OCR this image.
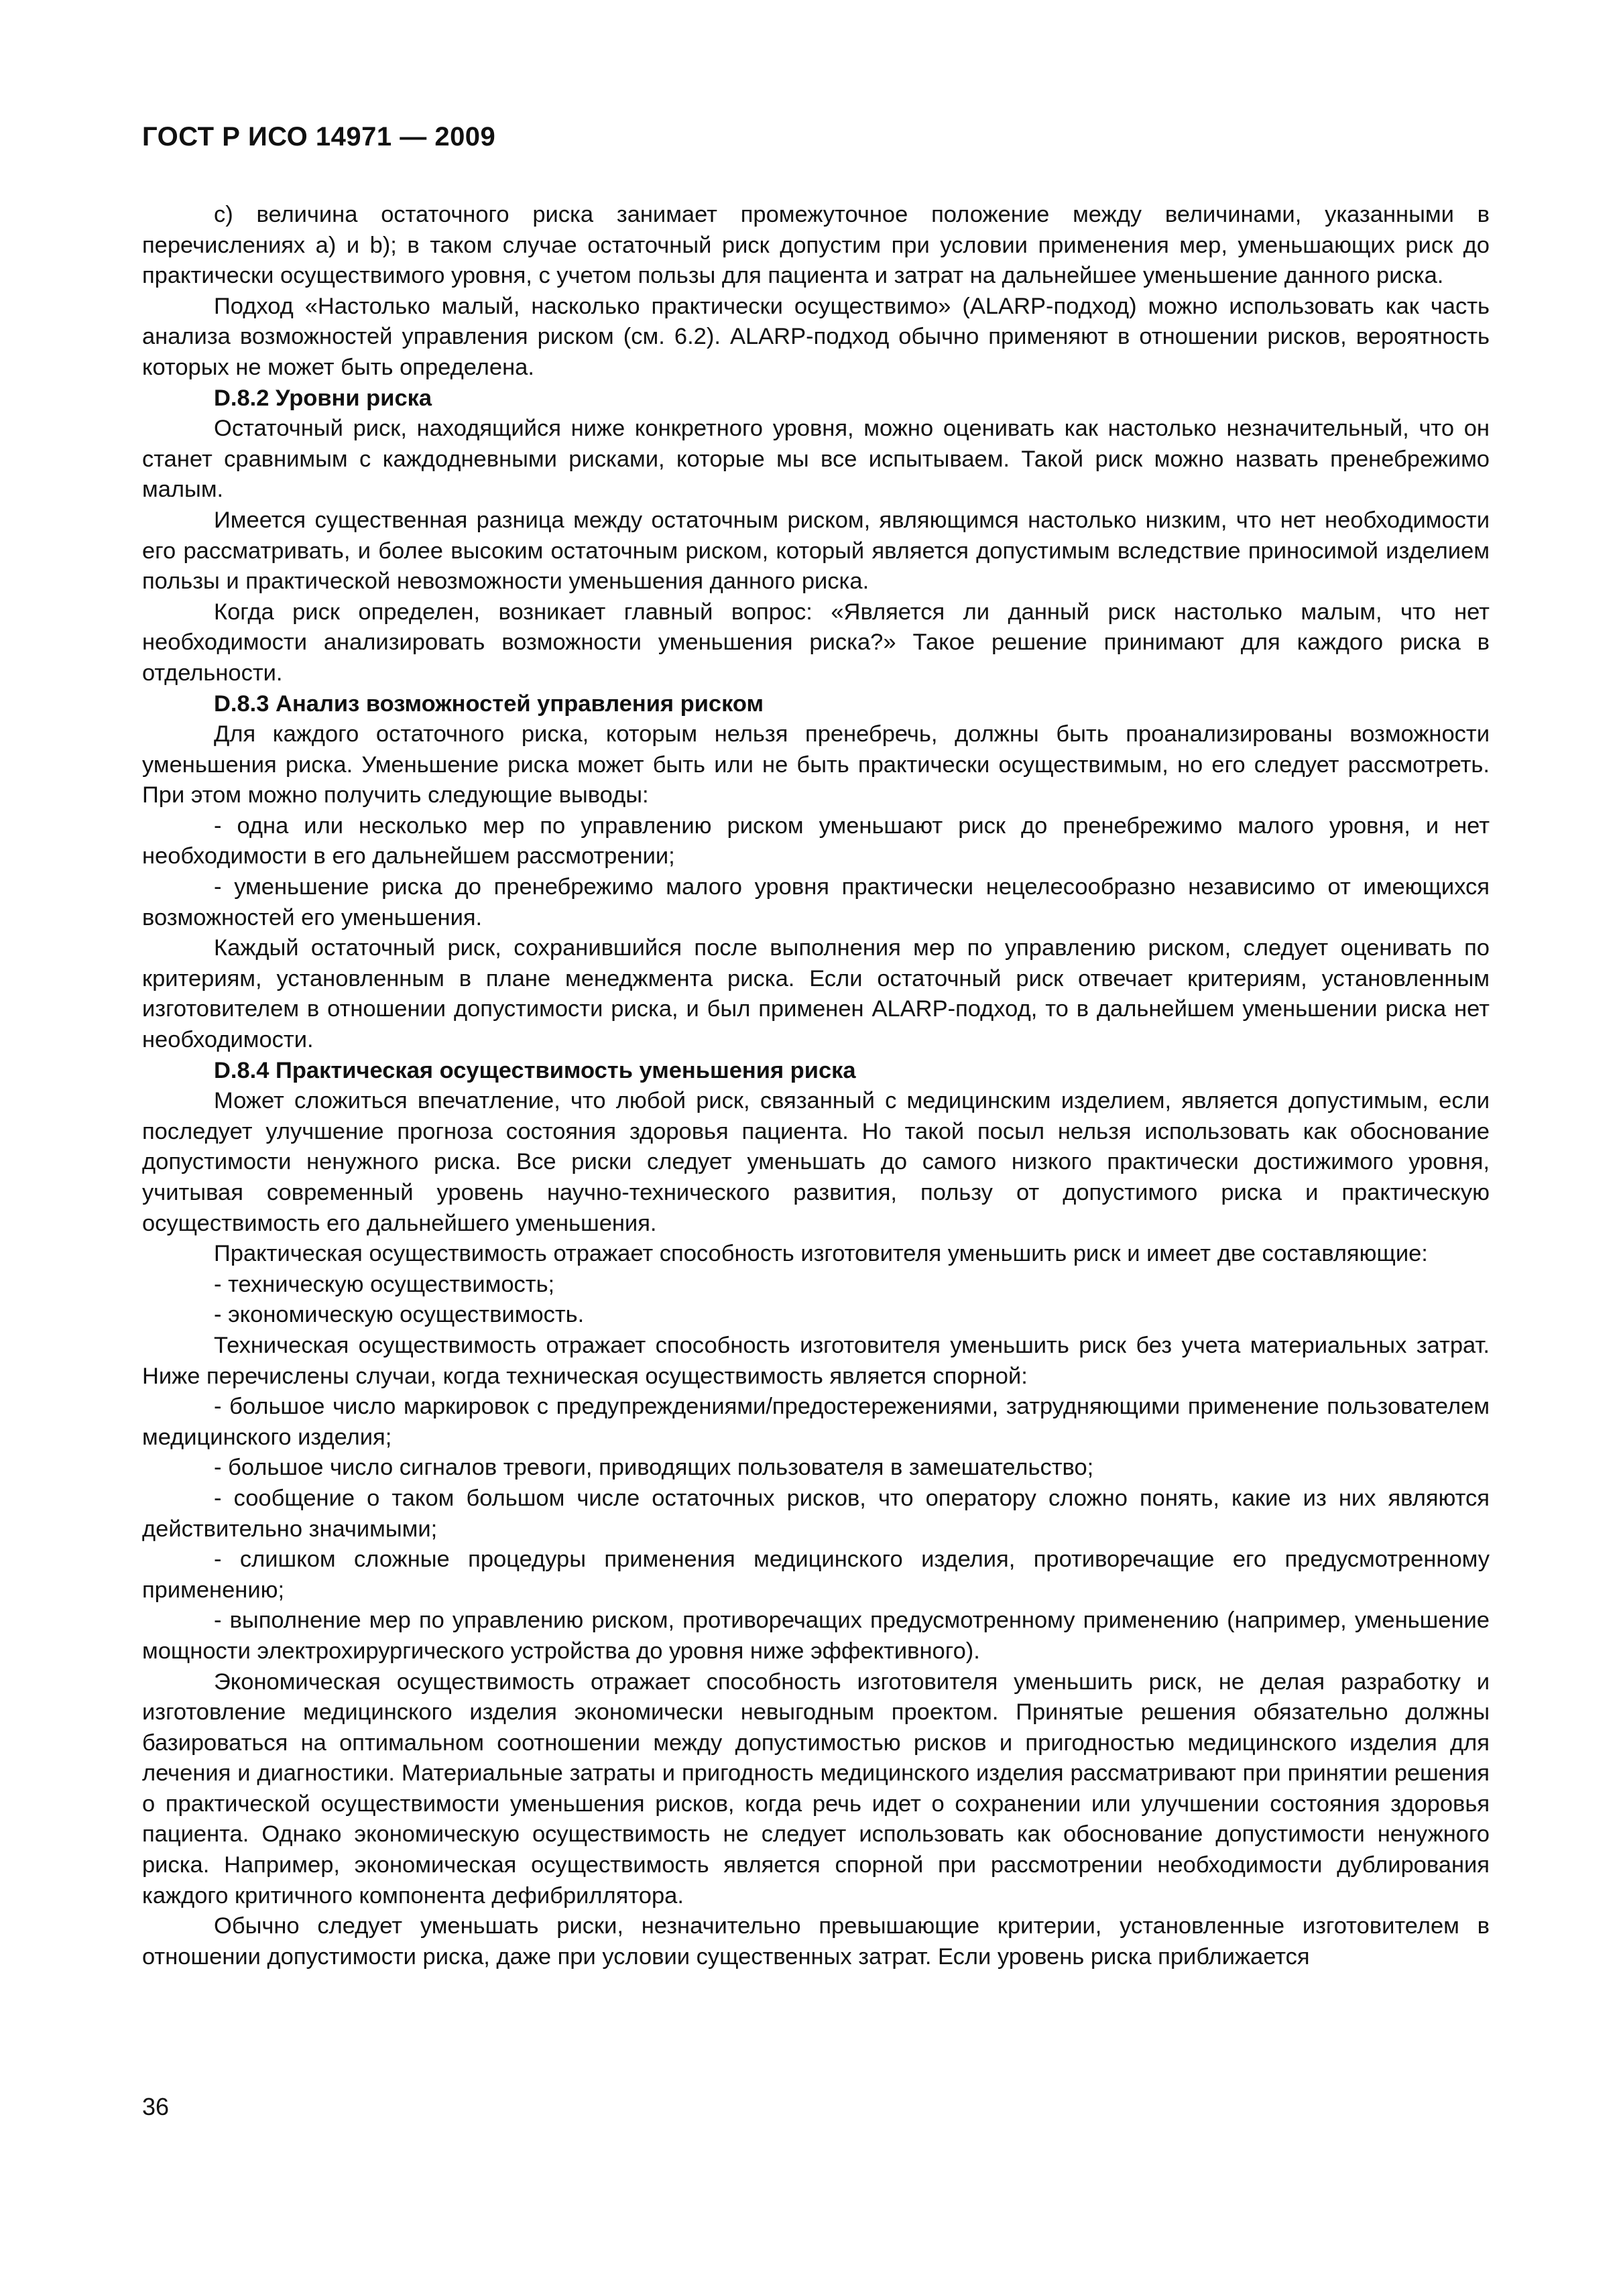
ГОСТ Р ИСО 14971 — 2009

с) величина остаточного риска занимает промежуточное положение между величинами, указанными в перечислениях а) и b); в таком случае остаточный риск допустим при условии применения мер, уменьшающих риск до практически осуществимого уровня, с учетом пользы для пациента и затрат на дальнейшее уменьшение данного риска.

Подход «Настолько малый, насколько практически осуществимо» (ALARP-подход) можно использовать как часть анализа возможностей управления риском (см. 6.2). ALARP-подход обычно применяют в отношении рисков, вероятность которых не может быть определена.

D.8.2 Уровни риска

Остаточный риск, находящийся ниже конкретного уровня, можно оценивать как настолько незначительный, что он станет сравнимым с каждодневными рисками, которые мы все испытываем. Такой риск можно назвать пренебрежимо малым.

Имеется существенная разница между остаточным риском, являющимся настолько низким, что нет необходимости его рассматривать, и более высоким остаточным риском, который является допустимым вследствие приносимой изделием пользы и практической невозможности уменьшения данного риска.

Когда риск определен, возникает главный вопрос: «Является ли данный риск настолько малым, что нет необходимости анализировать возможности уменьшения риска?» Такое решение принимают для каждого риска в отдельности.

D.8.3 Анализ возможностей управления риском

Для каждого остаточного риска, которым нельзя пренебречь, должны быть проанализированы возможности уменьшения риска. Уменьшение риска может быть или не быть практически осуществимым, но его следует рассмотреть. При этом можно получить следующие выводы:

- одна или несколько мер по управлению риском уменьшают риск до пренебрежимо малого уровня, и нет необходимости в его дальнейшем рассмотрении;

- уменьшение риска до пренебрежимо малого уровня практически нецелесообразно независимо от имеющихся возможностей его уменьшения.

Каждый остаточный риск, сохранившийся после выполнения мер по управлению риском, следует оценивать по критериям, установленным в плане менеджмента риска. Если остаточный риск отвечает критериям, установленным изготовителем в отношении допустимости риска, и был применен ALARP-подход, то в дальнейшем уменьшении риска нет необходимости.

D.8.4 Практическая осуществимость уменьшения риска

Может сложиться впечатление, что любой риск, связанный с медицинским изделием, является допустимым, если последует улучшение прогноза состояния здоровья пациента. Но такой посыл нельзя использовать как обоснование допустимости ненужного риска. Все риски следует уменьшать до самого низкого практически достижимого уровня, учитывая современный уровень научно-технического развития, пользу от допустимого риска и практическую осуществимость его дальнейшего уменьшения.

Практическая осуществимость отражает способность изготовителя уменьшить риск и имеет две составляющие:

- техническую осуществимость;

- экономическую осуществимость.

Техническая осуществимость отражает способность изготовителя уменьшить риск без учета материальных затрат. Ниже перечислены случаи, когда техническая осуществимость является спорной:

- большое число маркировок с предупреждениями/предостережениями, затрудняющими применение пользователем медицинского изделия;

- большое число сигналов тревоги, приводящих пользователя в замешательство;

- сообщение о таком большом числе остаточных рисков, что оператору сложно понять, какие из них являются действительно значимыми;

- слишком сложные процедуры применения медицинского изделия, противоречащие его предусмотренному применению;

- выполнение мер по управлению риском, противоречащих предусмотренному применению (например, уменьшение мощности электрохирургического устройства до уровня ниже эффективного).

Экономическая осуществимость отражает способность изготовителя уменьшить риск, не делая разработку и изготовление медицинского изделия экономически невыгодным проектом. Принятые решения обязательно должны базироваться на оптимальном соотношении между допустимостью рисков и пригодностью медицинского изделия для лечения и диагностики. Материальные затраты и пригодность медицинского изделия рассматривают при принятии решения о практической осуществимости уменьшения рисков, когда речь идет о сохранении или улучшении состояния здоровья пациента. Однако экономическую осуществимость не следует использовать как обоснование допустимости ненужного риска. Например, экономическая осуществимость является спорной при рассмотрении необходимости дублирования каждого критичного компонента дефибриллятора.

Обычно следует уменьшать риски, незначительно превышающие критерии, установленные изготовителем в отношении допустимости риска, даже при условии существенных затрат. Если уровень риска приближается

36
